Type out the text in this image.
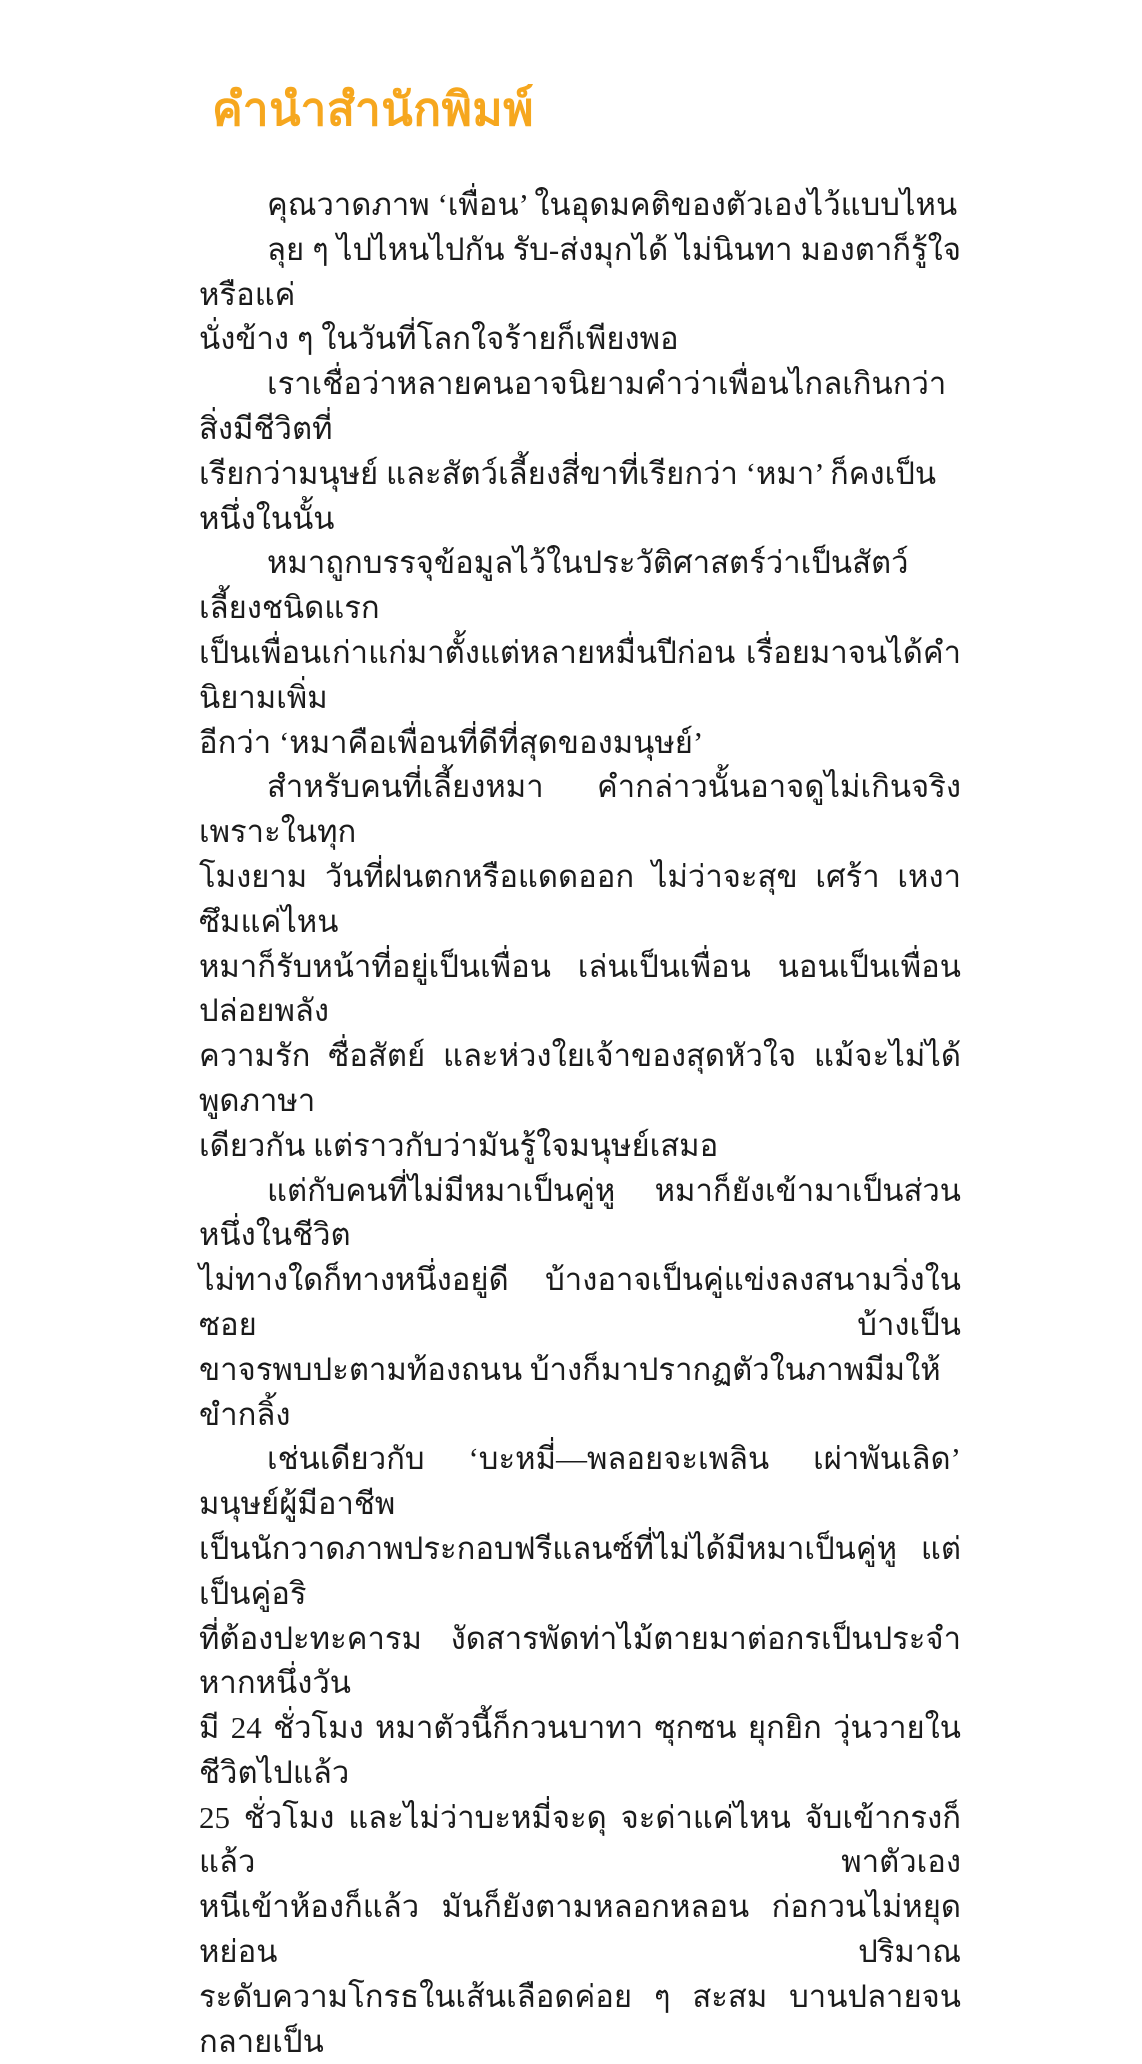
คำนำสำนักพิมพ์
คุณวาดภาพ ‘เพื่อน’ ในอุดมคติของตัวเองไว้แบบไหน
ลุย ๆ ไปไหนไปกัน รับ-ส่งมุกได้ ไม่นินทา มองตาก็รู้ใจ หรือแค่
นั่งข้าง ๆ ในวันที่โลกใจร้ายก็เพียงพอ
เราเชื่อว่าหลายคนอาจนิยามคำว่าเพื่อนไกลเกินกว่าสิ่งมีชีวิตที่
เรียกว่ามนุษย์ และสัตว์เลี้ยงสี่ขาที่เรียกว่า ‘หมา’ ก็คงเป็นหนึ่งในนั้น
หมาถูกบรรจุข้อมูลไว้ในประวัติศาสตร์ว่าเป็นสัตว์เลี้ยงชนิดแรก
เป็นเพื่อนเก่าแก่มาตั้งแต่หลายหมื่นปีก่อน เรื่อยมาจนได้คำนิยามเพิ่ม
อีกว่า ‘หมาคือเพื่อนที่ดีที่สุดของมนุษย์’
สำหรับคนที่เลี้ยงหมา คำกล่าวนั้นอาจดูไม่เกินจริง เพราะในทุก
โมงยาม วันที่ฝนตกหรือแดดออก ไม่ว่าจะสุข เศร้า เหงา ซึมแค่ไหน
หมาก็รับหน้าที่อยู่เป็นเพื่อน เล่นเป็นเพื่อน นอนเป็นเพื่อน ปล่อยพลัง
ความรัก ซื่อสัตย์ และห่วงใยเจ้าของสุดหัวใจ แม้จะไม่ได้พูดภาษา
เดียวกัน แต่ราวกับว่ามันรู้ใจมนุษย์เสมอ
แต่กับคนที่ไม่มีหมาเป็นคู่หู หมาก็ยังเข้ามาเป็นส่วนหนึ่งในชีวิต
ไม่ทางใดก็ทางหนึ่งอยู่ดี บ้างอาจเป็นคู่แข่งลงสนามวิ่งในซอย บ้างเป็น
ขาจรพบปะตามท้องถนน บ้างก็มาปรากฏตัวในภาพมีมให้ขำกลิ้ง
เช่นเดียวกับ ‘บะหมี่—พลอยจะเพลิน เผ่าพันเลิด’ มนุษย์ผู้มีอาชีพ
เป็นนักวาดภาพประกอบฟรีแลนซ์ที่ไม่ได้มีหมาเป็นคู่หู แต่เป็นคู่อริ
ที่ต้องปะทะคารม งัดสารพัดท่าไม้ตายมาต่อกรเป็นประจำ หากหนึ่งวัน
มี 24 ชั่วโมง หมาตัวนี้ก็กวนบาทา ซุกซน ยุกยิก วุ่นวายในชีวิตไปแล้ว
25 ชั่วโมง และไม่ว่าบะหมี่จะดุ จะด่าแค่ไหน จับเข้ากรงก็แล้ว พาตัวเอง
หนีเข้าห้องก็แล้ว มันก็ยังตามหลอกหลอน ก่อกวนไม่หยุดหย่อน ปริมาณ
ระดับความโกรธในเส้นเลือดค่อย ๆ สะสม บานปลายจนกลายเป็น
